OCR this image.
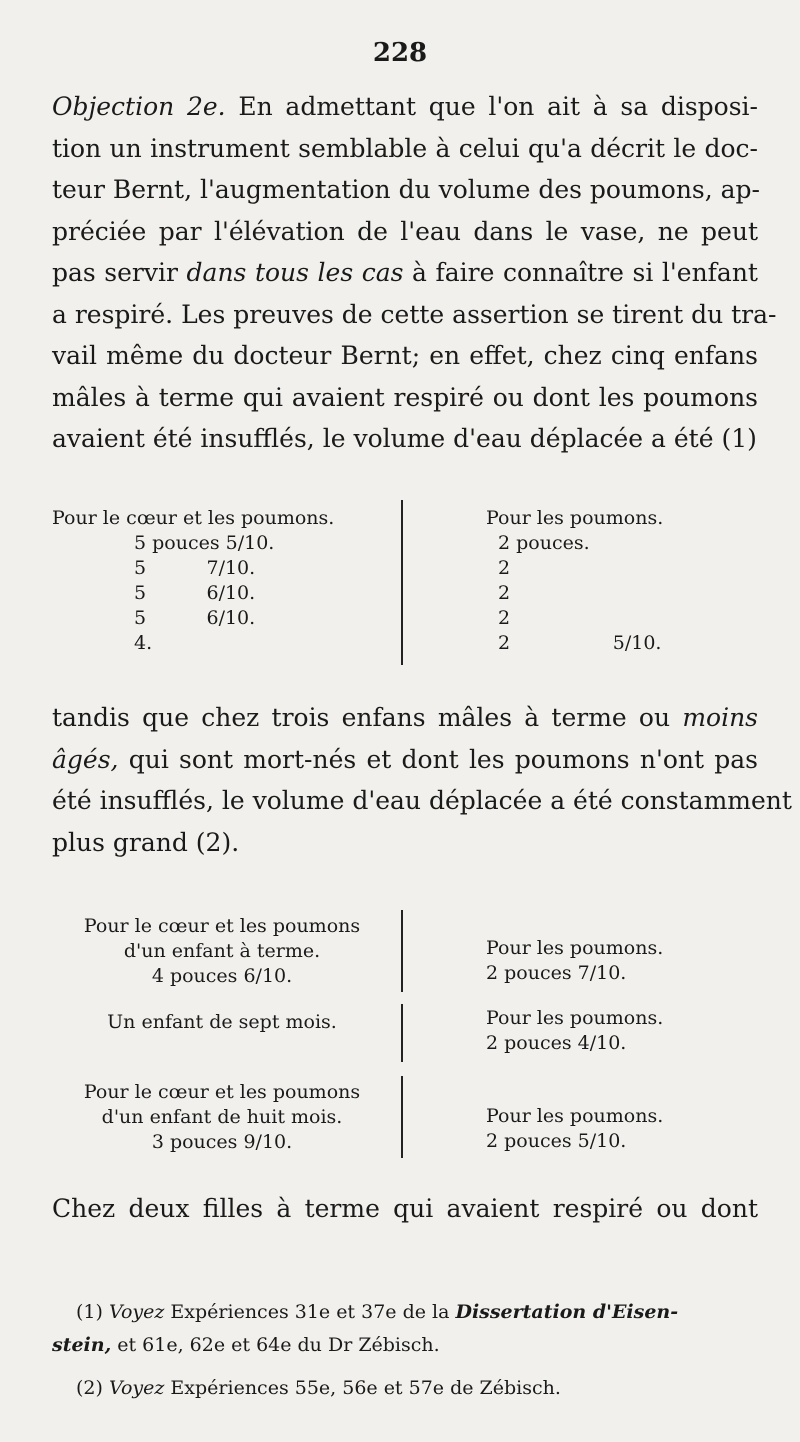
228
Objection 2e. En admettant que l'on ait à sa disposi-
tion un instrument semblable à celui qu'a décrit le doc-
teur Bernt, l'augmentation du volume des poumons, ap-
préciée par l'élévation de l'eau dans le vase, ne peut
pas servir dans tous les cas à faire connaître si l'enfant
a respiré. Les preuves de cette assertion se tirent du tra-
vail même du docteur Bernt; en effet, chez cinq enfans
mâles à terme qui avaient respiré ou dont les poumons
avaient été insufflés, le volume d'eau déplacée a été (1)
Pour le cœur et les poumons.
5 pouces 5/10.
5          7/10.
5          6/10.
5          6/10.
4.
Pour les poumons.
2 pouces.
2
2
2
2                 5/10.
tandis que chez trois enfans mâles à terme ou moins
âgés, qui sont mort-nés et dont les poumons n'ont pas
été insufflés, le volume d'eau déplacée a été constamment
plus grand (2).
Pour le cœur et les poumons
d'un enfant à terme.
4 pouces 6/10.
Pour les poumons.
2 pouces 7/10.
Un enfant de sept mois.	Pour les poumons.
2 pouces 4/10.
Pour le cœur et les poumons
d'un enfant de huit mois.
3 pouces 9/10.
Pour les poumons.
2 pouces 5/10.
Chez deux filles à terme qui avaient respiré ou dont
(1) Voyez Expériences 31e et 37e de la Dissertation d'Eisen-
stein, et 61e, 62e et 64e du Dr Zébisch.
(2) Voyez Expériences 55e, 56e et 57e de Zébisch.
